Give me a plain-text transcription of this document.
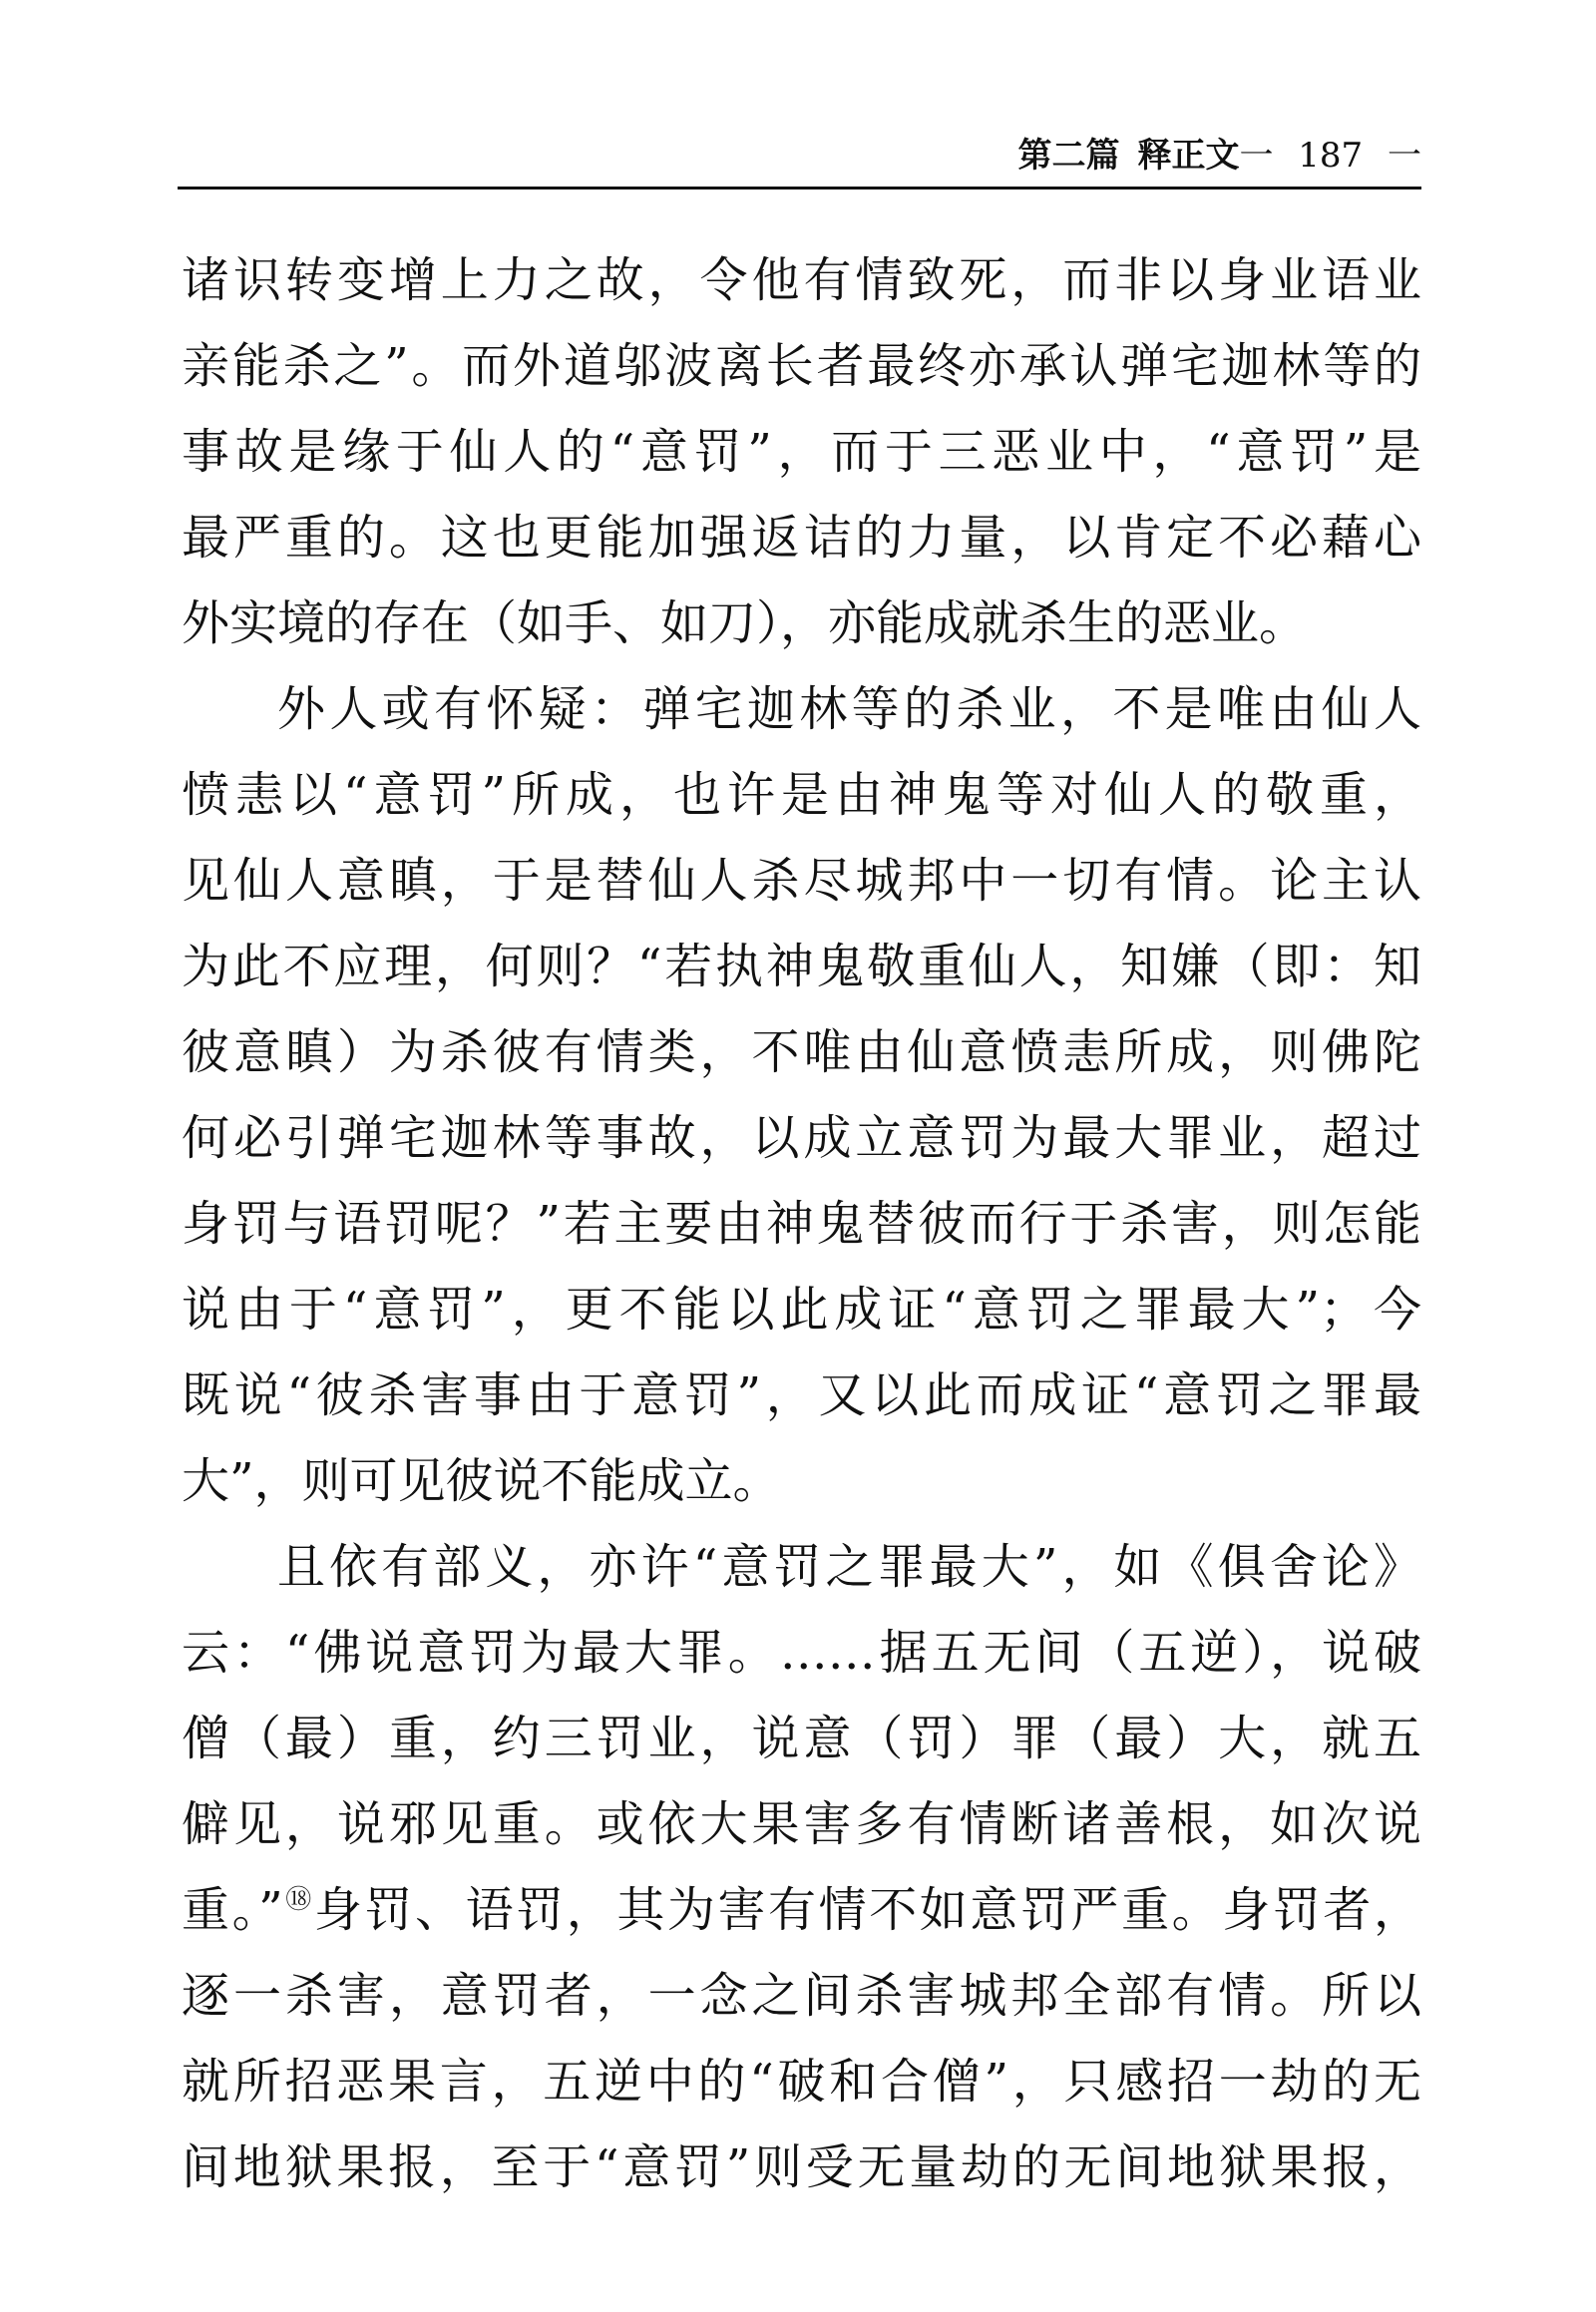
第二篇 释正文一 187 一
诸识转变增上力之故，令他有情致死，而非以身业语业
亲能杀之”。而外道邬波离长者最终亦承认弹宅迦林等的
事故是缘于仙人的“意罚”，而于三恶业中，“意罚”是
最严重的。这也更能加强返诘的力量，以肯定不必藉心
外实境的存在（如手、如刀），亦能成就杀生的恶业。
外人或有怀疑：弹宅迦林等的杀业，不是唯由仙人
愤恚以“意罚”所成，也许是由神鬼等对仙人的敬重，
见仙人意瞋，于是替仙人杀尽城邦中一切有情。论主认
为此不应理，何则？“若执神鬼敬重仙人，知嫌（即：知
彼意瞋）为杀彼有情类，不唯由仙意愤恚所成，则佛陀
何必引弹宅迦林等事故，以成立意罚为最大罪业，超过
身罚与语罚呢？”若主要由神鬼替彼而行于杀害，则怎能
说由于“意罚”，更不能以此成证“意罚之罪最大”；今
既说“彼杀害事由于意罚”，又以此而成证“意罚之罪最
大”，则可见彼说不能成立。
且依有部义，亦许“意罚之罪最大”，如《俱舍论》
云：“佛说意罚为最大罪。……据五无间（五逆），说破
僧（最）重，约三罚业，说意（罚）罪（最）大，就五
僻见，说邪见重。或依大果害多有情断诸善根，如次说
重。”⑱身罚、语罚，其为害有情不如意罚严重。身罚者，
逐一杀害，意罚者，一念之间杀害城邦全部有情。所以
就所招恶果言，五逆中的“破和合僧”，只感招一劫的无
间地狱果报，至于“意罚”则受无量劫的无间地狱果报，
